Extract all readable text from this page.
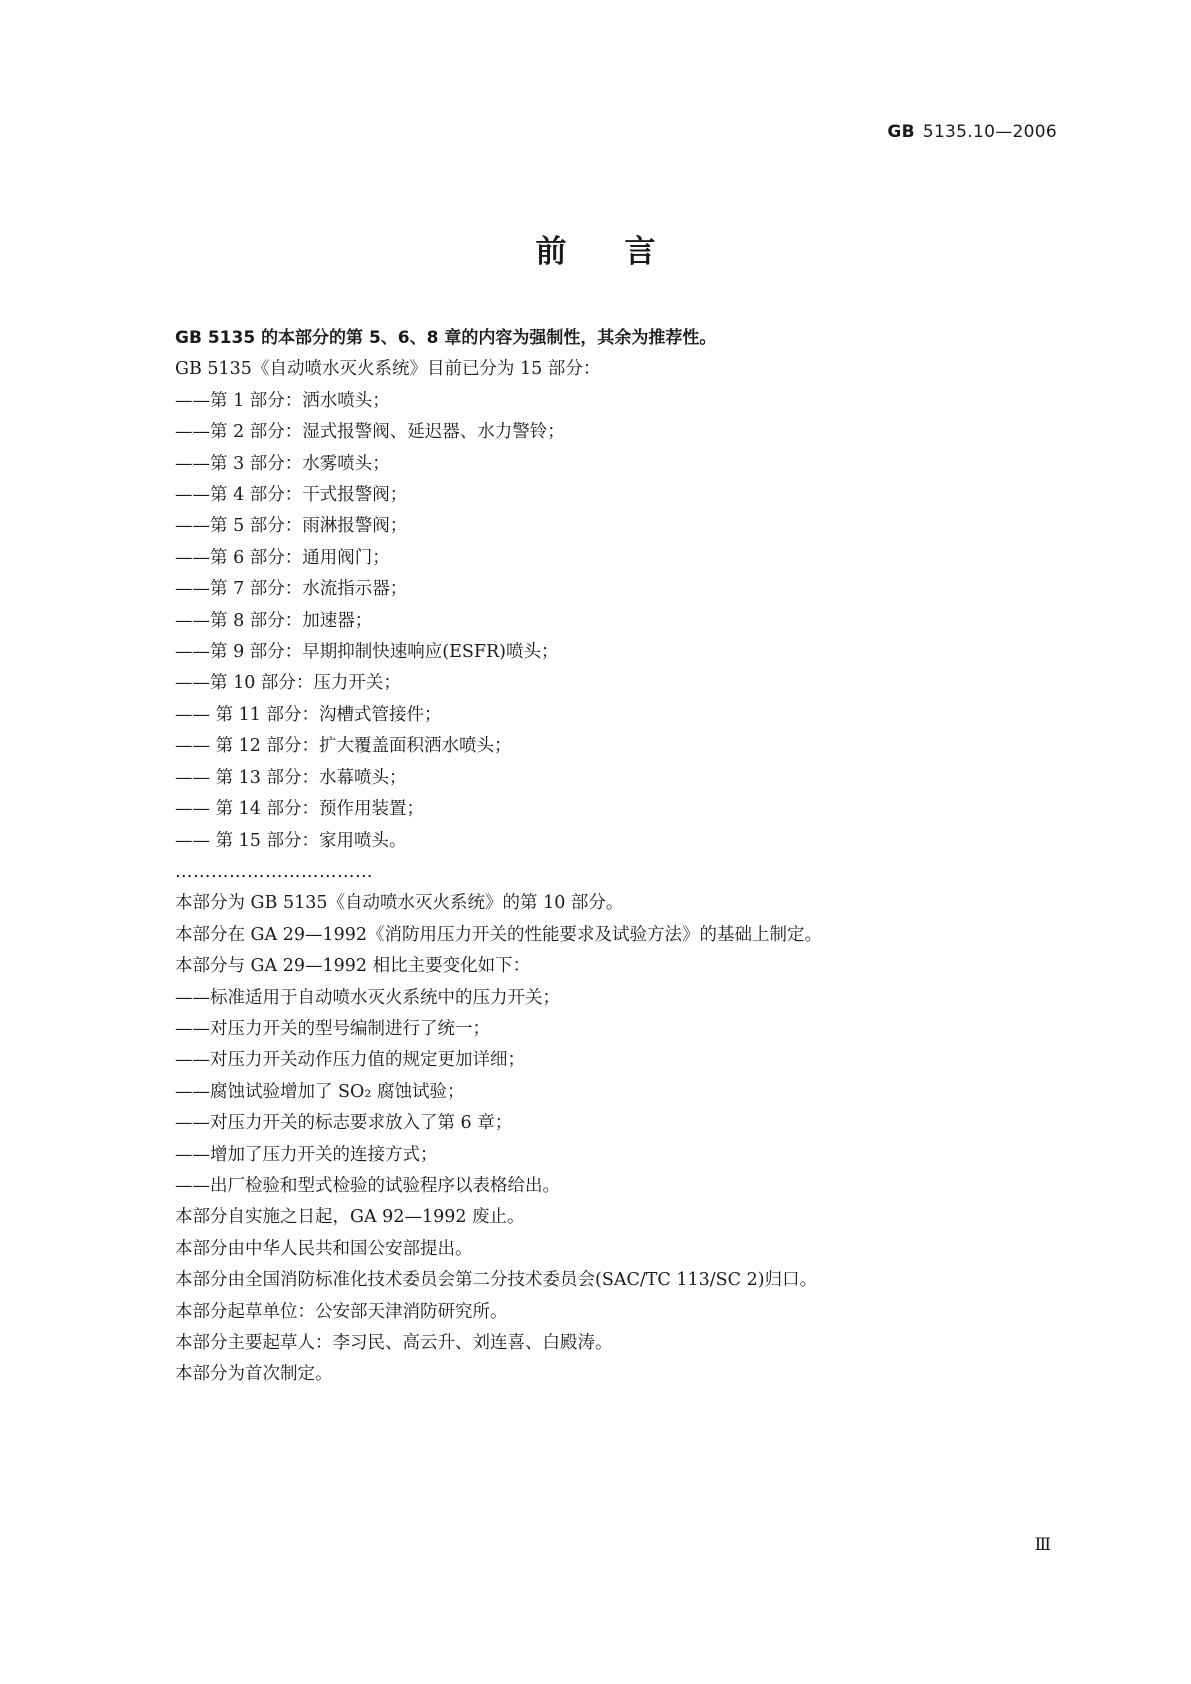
GB 5135.10—2006
前言
GB 5135 的本部分的第 5、6、8 章的内容为强制性，其余为推荐性。
GB 5135《自动喷水灭火系统》目前已分为 15 部分：
——第 1 部分：洒水喷头；
——第 2 部分：湿式报警阀、延迟器、水力警铃；
——第 3 部分：水雾喷头；
——第 4 部分：干式报警阀；
——第 5 部分：雨淋报警阀；
——第 6 部分：通用阀门；
——第 7 部分：水流指示器；
——第 8 部分：加速器；
——第 9 部分：早期抑制快速响应(ESFR)喷头；
——第 10 部分：压力开关；
—— 第 11 部分：沟槽式管接件；
—— 第 12 部分：扩大覆盖面积洒水喷头；
—— 第 13 部分：水幕喷头；
—— 第 14 部分：预作用装置；
—— 第 15 部分：家用喷头。
……………………………
本部分为 GB 5135《自动喷水灭火系统》的第 10 部分。
本部分在 GA 29—1992《消防用压力开关的性能要求及试验方法》的基础上制定。
本部分与 GA 29—1992 相比主要变化如下：
——标准适用于自动喷水灭火系统中的压力开关；
——对压力开关的型号编制进行了统一；
——对压力开关动作压力值的规定更加详细；
——腐蚀试验增加了 SO₂ 腐蚀试验；
——对压力开关的标志要求放入了第 6 章；
——增加了压力开关的连接方式；
——出厂检验和型式检验的试验程序以表格给出。
本部分自实施之日起，GA 92—1992 废止。
本部分由中华人民共和国公安部提出。
本部分由全国消防标准化技术委员会第二分技术委员会(SAC/TC 113/SC 2)归口。
本部分起草单位：公安部天津消防研究所。
本部分主要起草人：李习民、高云升、刘连喜、白殿涛。
本部分为首次制定。
Ⅲ
